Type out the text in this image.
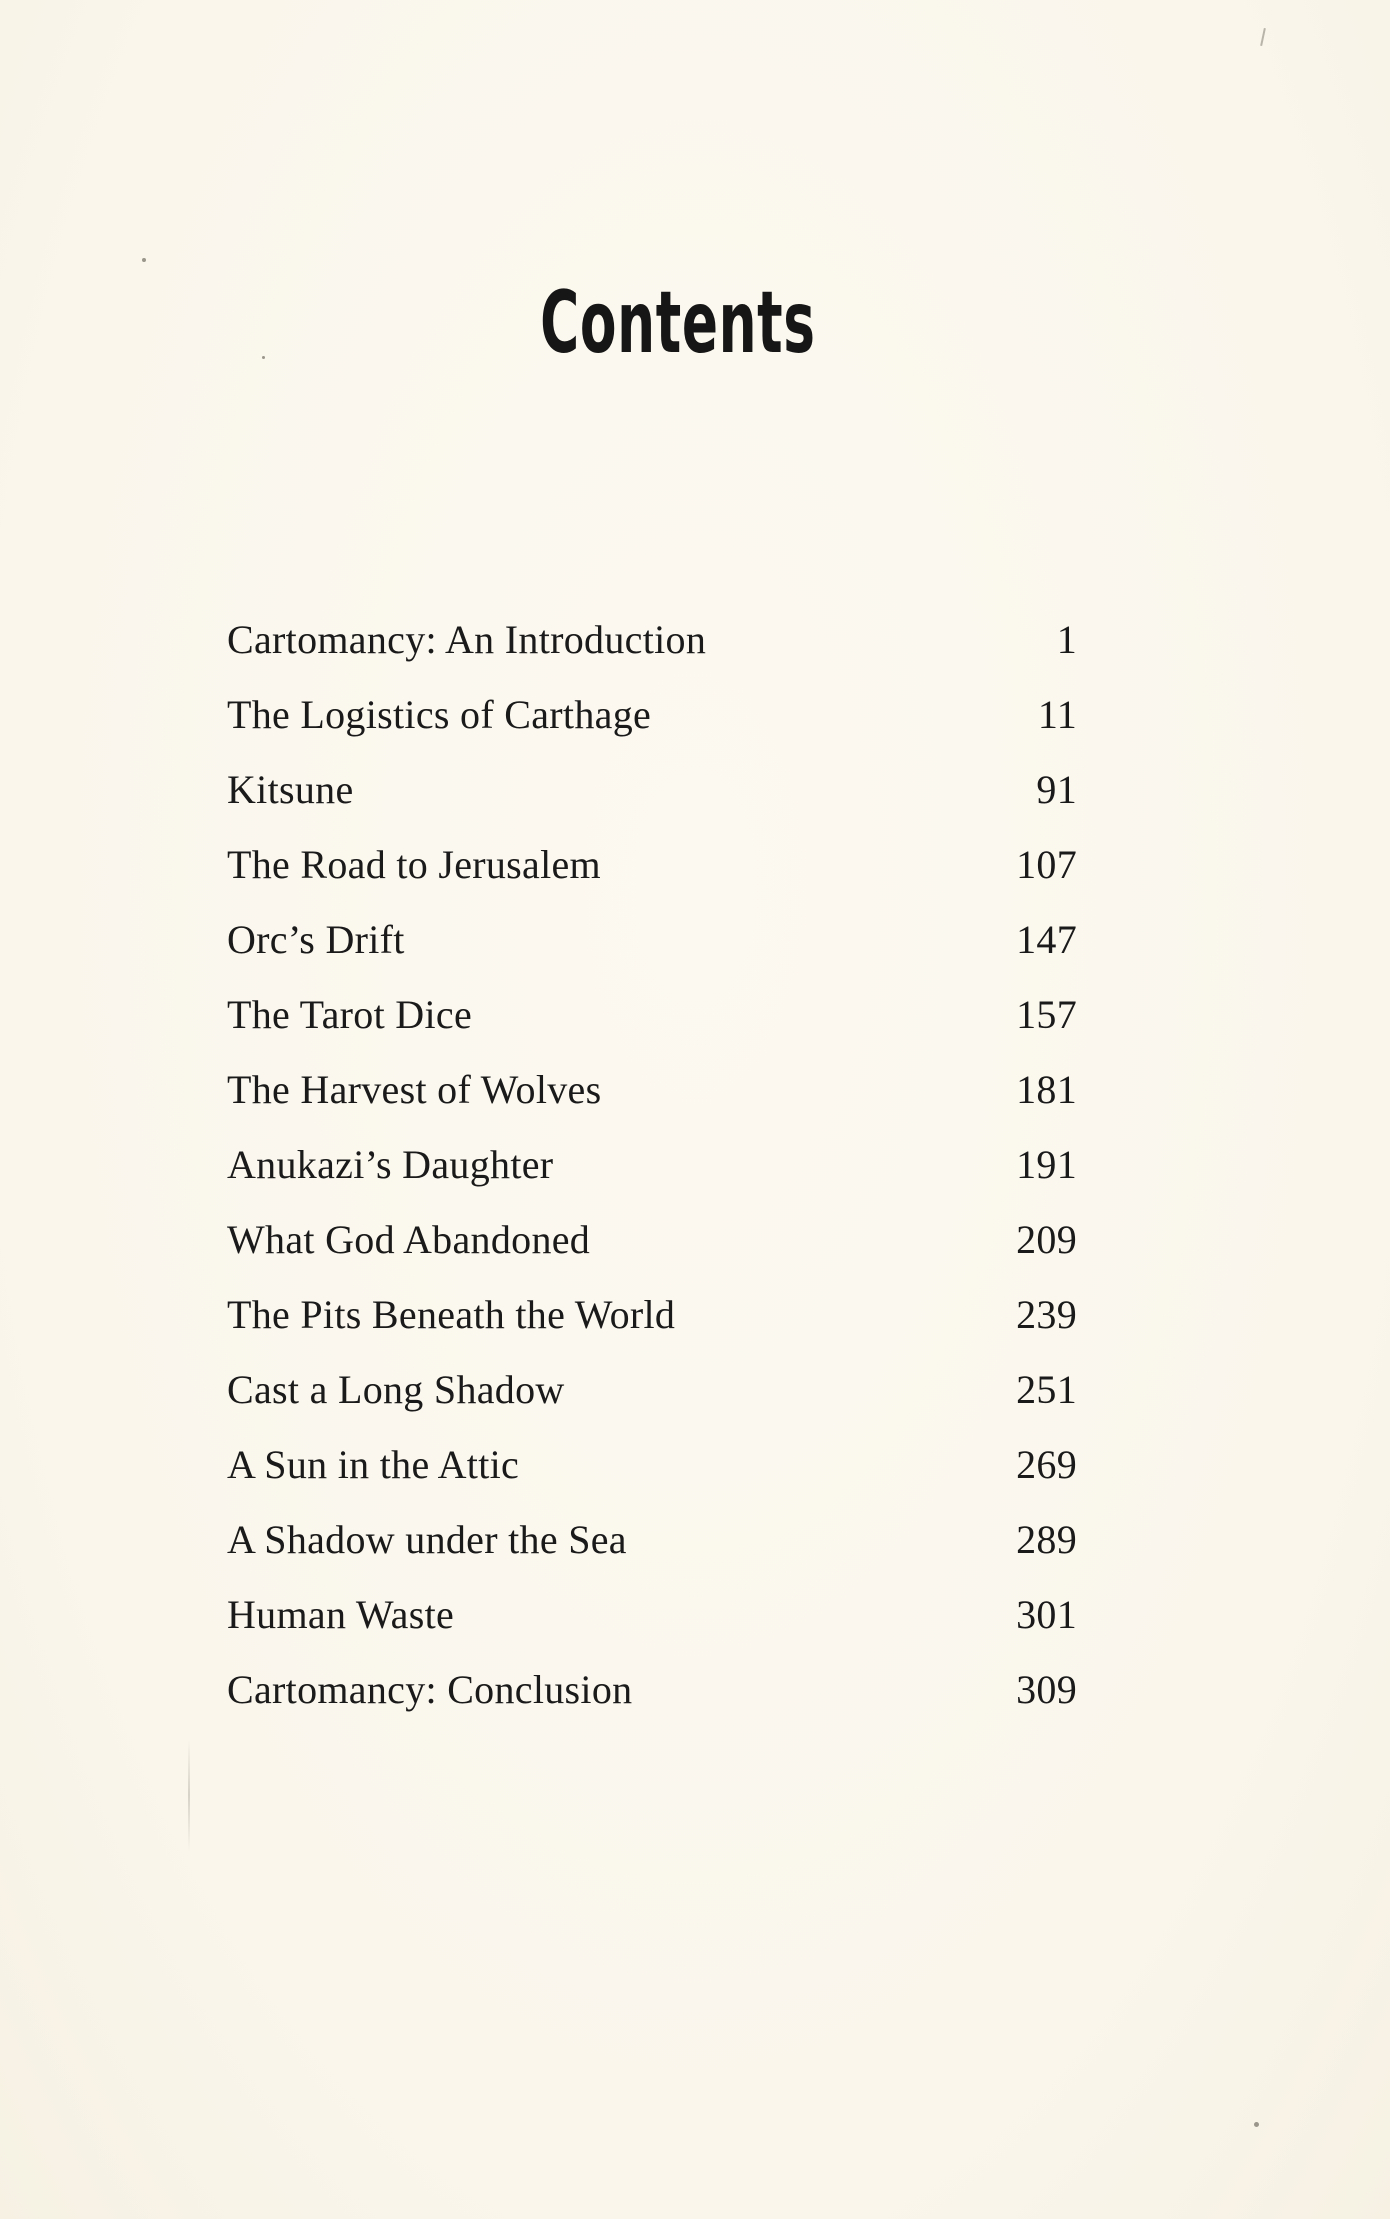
Contents
Cartomancy: An Introduction	1
The Logistics of Carthage	11
Kitsune	91
The Road to Jerusalem	107
Orc’s Drift	147
The Tarot Dice	157
The Harvest of Wolves	181
Anukazi’s Daughter	191
What God Abandoned	209
The Pits Beneath the World	239
Cast a Long Shadow	251
A Sun in the Attic	269
A Shadow under the Sea	289
Human Waste	301
Cartomancy: Conclusion	309
